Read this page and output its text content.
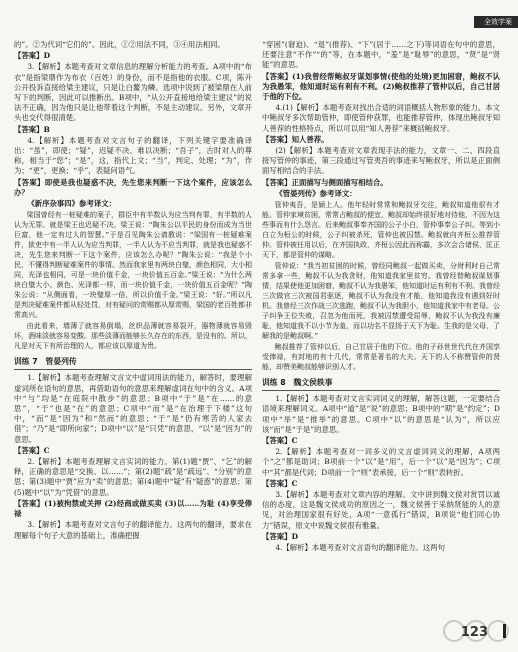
全效学案

的”。②为代词“它们的”。因此，①②用法不同，③④用法相同。

【答案】D

3.【解析】本题考查对文章信息的理解分析能力的考查。A项中的“布衣”是指梁鼎作为布衣（百姓）的身份，而不是指他的衣服。C项，陈升公开投诉直接给梁主建议，只是让白鳌为鳞。选项中说到了被梁鼎在人前写下的判断，因此可以推断出。B项中，“从公开直接地给梁主建议”的说法不正确，因为他只是让他带着这个判断，不是主动建议。另外，文章开头也交代得很清楚。

【答案】B

4.【解析】本题考查对文言句子的翻译，下列关键字要准确译出：“虽”，即使；“疑”，迟疑不决、难以决断；“吾子”，古时对人的尊称，相当于“您”；“是”，这，指代上文；“当”，判定、处理；“为”，作为；“更”，更换；“乎”，表疑问语气。

【答案】即使是我也疑惑不决，先生您来判断一下这个案件，应该怎么办？

《新序杂事四》参考译文：

梁国曾经有一桩疑难的案子，群臣中有半数认为应当判有罪，有半数的人认为无罪。就是梁王也迟疑不决。梁王说：“陶朱公以平民的身份而成为当世巨富，他一定有过人的智慧。”于是召见陶朱公请教说：“梁国有一桩疑难案件，狱吏中有一半人认为应当判罪，一半人认为不应当判罪，就是我也疑惑不决，先生您来判断一下这个案件，应该怎么办呢？”陶朱公说：“我是个小民，不懂得判断疑难案件的事情。然而我家里有两块白璧，颜色相同，大小相同，光泽也相同，可是一块价值千金，一块价值五百金。”梁王说：“为什么两块白璧大小、颜色、光泽都一样，而一块价值千金，一块价值五百金呢？”陶朱公说：“从侧面看，一块璧厚一倍，所以价值千金。”梁王说：“好。”所以凡是判决疑难案件都从轻处罚，对有疑问的赏赐都从厚赏赐，梁国的老百姓都非常高兴。

由此看来，墙薄了就容易倒塌，丝织品薄就容易裂开，器物薄就容易毁坏，酒味淡就容易变酸。那些淡薄而能够长久存在的东西，是没有的。所以，凡是对天下有所治理的人，都应该以厚道为贵。

训练 7　管晏列传

1.【解析】本题考查理解文言文中虚词用法的能力，解答时，要理解虚词所在语句的意思，再借助语句的意思来理解虚词在句中的含义。A项中“与”均是“在庭院中散步”的意思；B项中“于”是“在……的意思”，“于”也是“在”的意思；C项中“而”是“在治理于下楼”这句中，“而”是“因为”和“然而”的意思；“于”是“仍有寒苦的人家去借”；“乃”是“即所向家”；D项中“以”是“只凭”的意思，“以”是“因为”的意思。

【答案】C

2.【解析】本题考查理解文言实词的能力。第(1)题“贾”、“乞”的解释，正确的意思是“交换、以……”；第(2)题“疏”是“疏远”、“分别”的意思；第(3)题中“贾”应为“卖”的意思；第(4)题中“疑”有“疑惑”的意思；第(5)题中“以”为“凭借”的意思。

【答案】(1)被拘禁或关押 (2)经商或做买卖 (3)以……为耻 (4)享受俸禄

3.【解析】本题考查对文言句子的翻译能力。这两句的翻译，要求在理解每个句子大意的基础上，准确把握

“穿困”(窘迫)、“退”(推荐)、“下”(居于……之下)等词语在句中的意思，还要注意“不作”“的”等，在本题中，“羞”是“耻辱”的意思，“贤”是“贤能”的意思。

【答案】(1)我曾经帮鲍叔牙谋划事情(使他的处境)更加困窘，鲍叔不认为我愚笨，他知道时运有利有不利。(2)鲍叔推荐了管仲以后，自己甘居于他的下位。

4.(1)【解析】本题考查对找出合适的词语概括人物形象的能力。本文中鲍叔牙多次帮助管仲，即使管仲获罪，也能推荐管仲，体现出鲍叔牙知人善荐的性格特点，所以可以用“知人善荐”来概括鲍叔牙。

【答案】知人善荐。

(2)【解析】本题考查对文章表现手法的能力，文章一、二、四段直接写管仲的事迹，第三段通过写管夷吾的事迹来写鲍叔牙，所以是正面侧面写相结合的手法。

【答案】正面描写与侧面描写相结合。

《管晏列传》参考译文：

管仲夷吾，是颍上人。他年轻时常常和鲍叔牙交往，鲍叔知道他很有才能。管仲家境贫困，常常占鲍叔的便宜，鲍叔却始终很好地对待他，不因为这些事而有什么怨言。后来鲍叔事奉齐国的公子小白，管仲事奉公子纠。等到小白立为桓公的时候，公子纠被杀死，管仲也被囚禁。鲍叔就向齐桓公推荐管仲。管仲被任用以后，在齐国执政，齐桓公因此而称霸，多次会合诸侯，匡正天下，都是管仲的谋略。

管仲说：“我当初贫困的时候，曾经同鲍叔一起做买卖，分财利时自己常常多拿一些，鲍叔不认为我贪财，他知道我家里贫穷。我曾经替鲍叔谋划事情，结果使他更加困窘，鲍叔不认为我愚笨，他知道时运有利有不利。我曾经三次做官三次被国君驱逐，鲍叔不认为我没有才能，他知道我没有遇到好时机。我曾经三次作战三次逃跑，鲍叔不认为我胆小，他知道我家中有老母。公子纠争王位失败，召忽为他而死，我被囚禁遭受屈辱，鲍叔不认为我没有廉耻，他知道我不以小节为羞，而以功名不显扬于天下为耻。生我的是父母，了解我的是鲍叔啊。”

鲍叔推荐了管仲以后，自己甘居于他的下位。他的子孙世世代代在齐国享受俸禄，有封地的有十几代，常常是著名的大夫。天下的人不称赞管仲的贤能，却赞美鲍叔能够识别人才。

训练 8　魏文侯轶事

1.【解析】本题考查对文言实词词义的理解，解答这题，一定要结合语境来理解词义。A项中“道”是“说”的意思；B项中的“期”是“约定”；D项中“举”是“推举”的意思。C项中“以”的意思是“认为”，所以应该“而”是“于是”的意思。

【答案】C

2.【解析】本题考查对一词多义的文言虚词词义的理解，A项两个“之”都是助词；B项前一个“以”是“用”，后一个“以”是“因为”；C项中“其”都是代词；D项前一个“则”表承接，后一个“则”表转折。

【答案】C

3.【解析】本题考查对文章内容的理解。文中讲到魏文侯对赏罚以诚信的态度，这是魏文侯成功的原因之一，魏文侯善于采纳贤能的人的意见，对治理国家很有好处，A项“一意孤行”错误，B项说“他们同心协力”错误，原文中说魏文侯很有雅量。

【答案】D

4.【解析】本题考查对文言语句的翻译能力。这两句

123
